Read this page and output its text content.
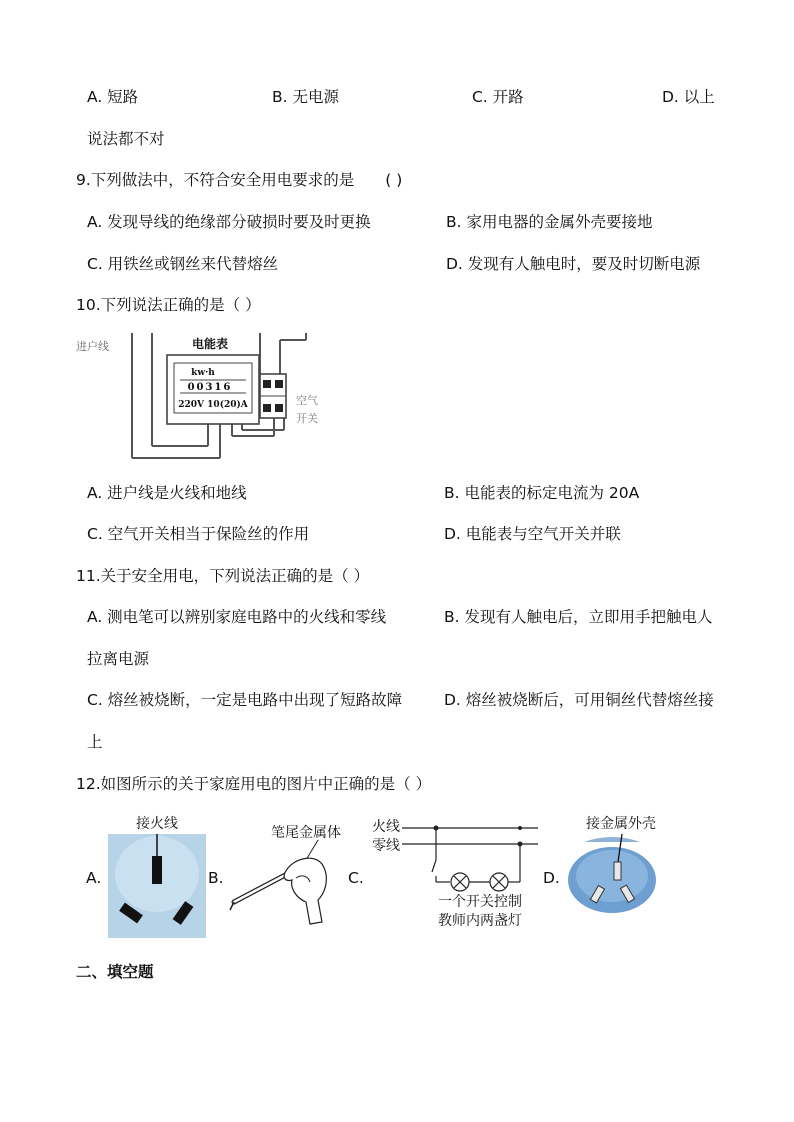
A. 短路	B. 无电源	C. 开路	D. 以上
说法都不对
9.下列做法中，不符合安全用电要求的是　　( )
A. 发现导线的绝缘部分破损时要及时更换	B. 家用电器的金属外壳要接地
C. 用铁丝或钢丝来代替熔丝	D. 发现有人触电时，要及时切断电源
10.下列说法正确的是（ ）
进户线	电能表
kw·h
00316
220V 10(20)A	空气
开关
A. 进户线是火线和地线	B. 电能表的标定电流为 20A
C. 空气开关相当于保险丝的作用	D. 电能表与空气开关并联
11.关于安全用电，下列说法正确的是（ ）
A. 测电笔可以辨别家庭电路中的火线和零线	B. 发现有人触电后，立即用手把触电人
拉离电源
C. 熔丝被烧断，一定是电路中出现了短路故障	D. 熔丝被烧断后，可用铜丝代替熔丝接
上
12.如图所示的关于家庭用电的图片中正确的是（ ）
A.
接火线
B.
笔尾金属体
C.
火线
零线
一个开关控制
教师内两盏灯
D.
接金属外壳
二、填空题
